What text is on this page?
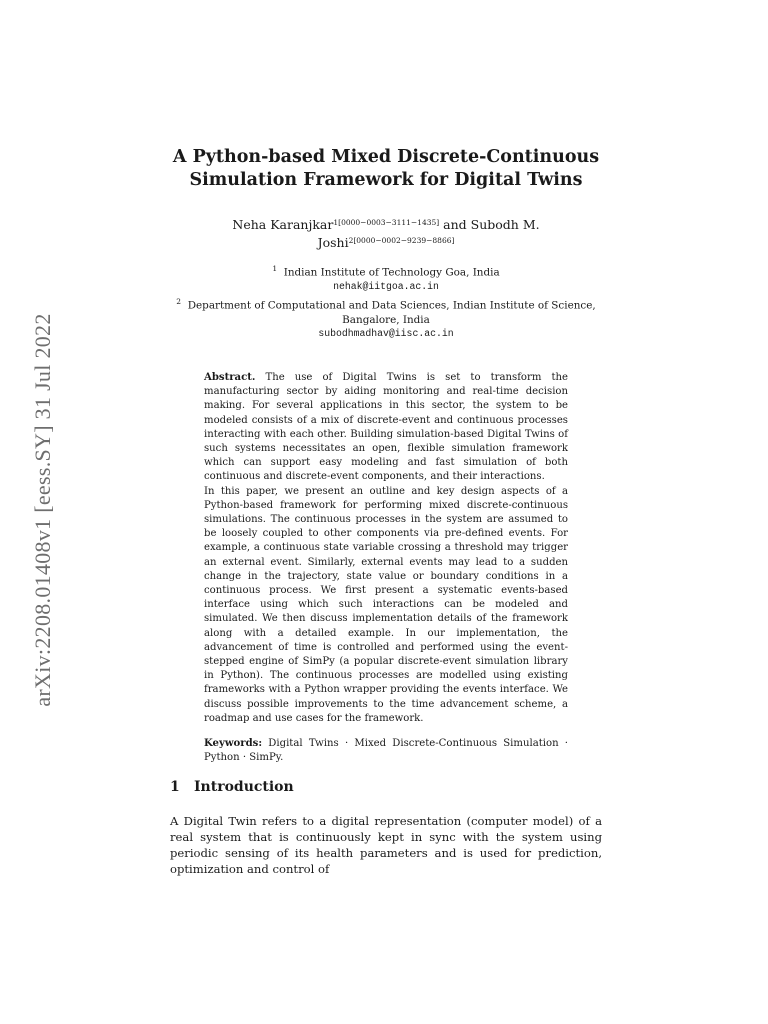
arXiv:2208.01408v1 [eess.SY] 31 Jul 2022
A Python-based Mixed Discrete-Continuous
Simulation Framework for Digital Twins
Neha Karanjkar$^{1[0000-0003-3111-1435]}$ and Subodh M.
Joshi$^{2[0000-0002-9239-8866]}$
$^1$ Indian Institute of Technology Goa, India
nehak@iitgoa.ac.in
$^2$ Department of Computational and Data Sciences, Indian Institute of Science,
Bangalore, India
subodhmadhav@iisc.ac.in

Abstract. The use of Digital Twins is set to transform the manufacturing sector by aiding monitoring and real-time decision making. For several applications in this sector, the system to be modeled consists of a mix of discrete-event and continuous processes interacting with each other. Building simulation-based Digital Twins of such systems necessitates an open, flexible simulation framework which can support easy modeling and fast simulation of both continuous and discrete-event components, and their interactions.

In this paper, we present an outline and key design aspects of a Python-based framework for performing mixed discrete-continuous simulations. The continuous processes in the system are assumed to be loosely coupled to other components via pre-defined events. For example, a continuous state variable crossing a threshold may trigger an external event. Similarly, external events may lead to a sudden change in the trajectory, state value or boundary conditions in a continuous process. We first present a systematic events-based interface using which such interactions can be modeled and simulated. We then discuss implementation details of the framework along with a detailed example. In our implementation, the advancement of time is controlled and performed using the event-stepped engine of SimPy (a popular discrete-event simulation library in Python). The continuous processes are modelled using existing frameworks with a Python wrapper providing the events interface. We discuss possible improvements to the time advancement scheme, a roadmap and use cases for the framework.

Keywords: Digital Twins · Mixed Discrete-Continuous Simulation · Python · SimPy.

1 Introduction
A Digital Twin refers to a digital representation (computer model) of a real system that is continuously kept in sync with the system using periodic sensing of its health parameters and is used for prediction, optimization and control of
